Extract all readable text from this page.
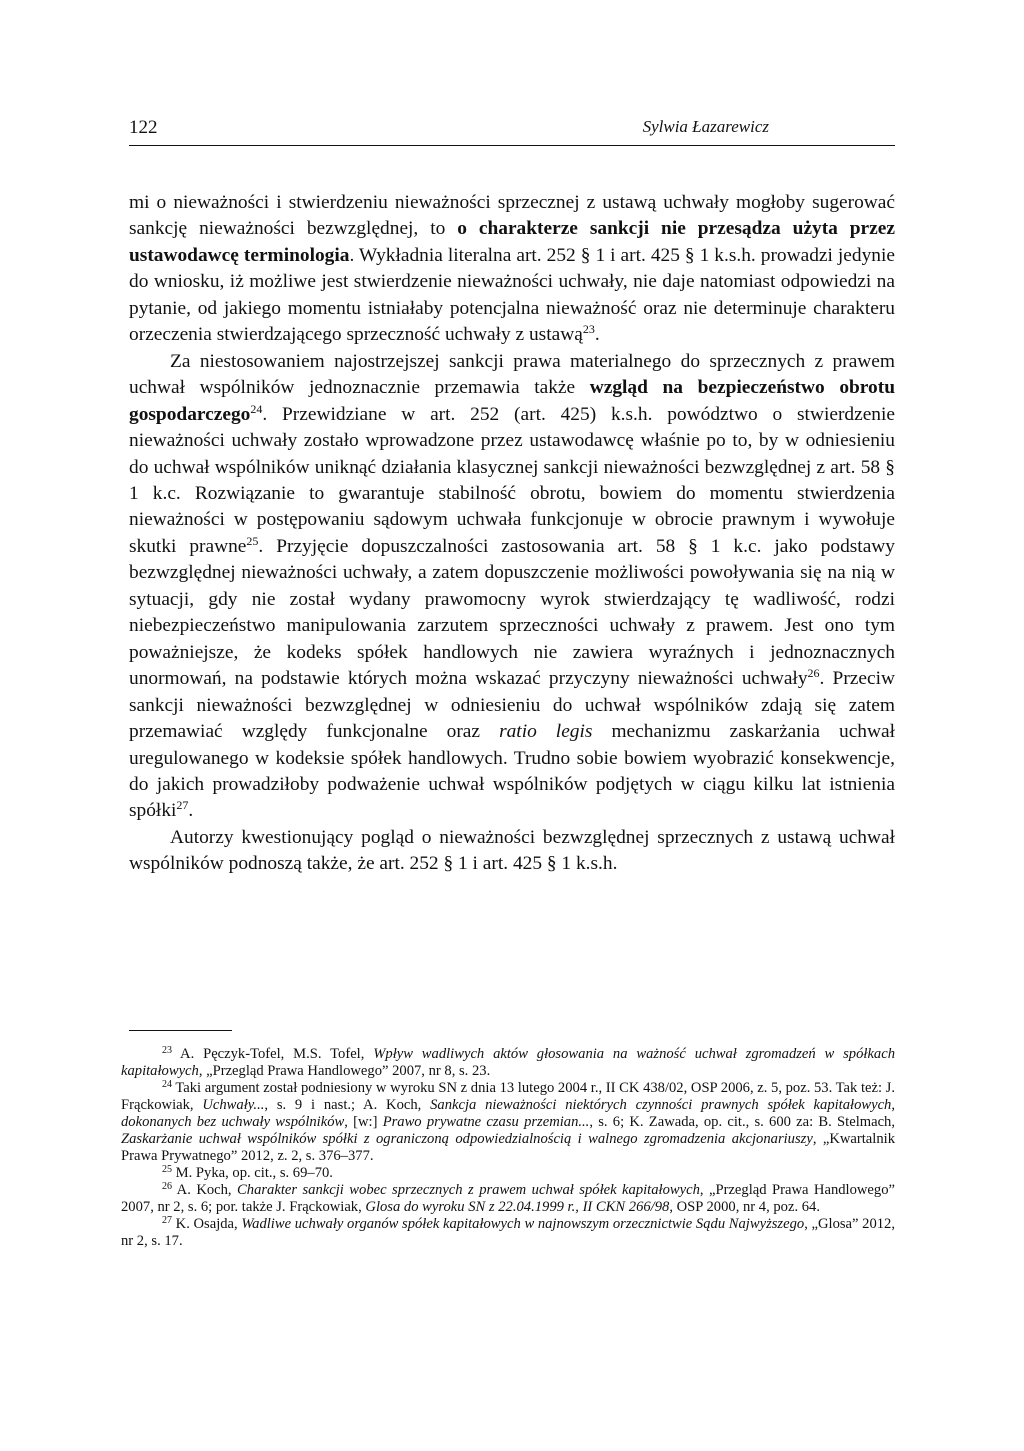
122	Sylwia Łazarewicz

mi o nieważności i stwierdzeniu nieważności sprzecznej z ustawą uchwały mogłoby sugerować sankcję nieważności bezwzględnej, to o charakterze sankcji nie przesądza użyta przez ustawodawcę terminologia. Wykładnia literalna art. 252 § 1 i art. 425 § 1 k.s.h. prowadzi jedynie do wniosku, iż możliwe jest stwierdzenie nieważności uchwały, nie daje natomiast odpowiedzi na pytanie, od jakiego momentu istniałaby potencjalna nieważność oraz nie determinuje charakteru orzeczenia stwierdzającego sprzeczność uchwały z ustawą$^{23}$.

Za niestosowaniem najostrzejszej sankcji prawa materialnego do sprzecznych z prawem uchwał wspólników jednoznacznie przemawia także wzgląd na bezpieczeństwo obrotu gospodarczego$^{24}$. Przewidziane w art. 252 (art. 425) k.s.h. powództwo o stwierdzenie nieważności uchwały zostało wprowadzone przez ustawodawcę właśnie po to, by w odniesieniu do uchwał wspólników uniknąć działania klasycznej sankcji nieważności bezwzględnej z art. 58 § 1 k.c. Rozwiązanie to gwarantuje stabilność obrotu, bowiem do momentu stwierdzenia nieważności w postępowaniu sądowym uchwała funkcjonuje w obrocie prawnym i wywołuje skutki prawne$^{25}$. Przyjęcie dopuszczalności zastosowania art. 58 § 1 k.c. jako podstawy bezwzględnej nieważności uchwały, a zatem dopuszczenie możliwości powoływania się na nią w sytuacji, gdy nie został wydany prawomocny wyrok stwierdzający tę wadliwość, rodzi niebezpieczeństwo manipulowania zarzutem sprzeczności uchwały z prawem. Jest ono tym poważniejsze, że kodeks spółek handlowych nie zawiera wyraźnych i jednoznacznych unormowań, na podstawie których można wskazać przyczyny nieważności uchwały$^{26}$. Przeciw sankcji nieważności bezwzględnej w odniesieniu do uchwał wspólników zdają się zatem przemawiać względy funkcjonalne oraz ratio legis mechanizmu zaskarżania uchwał uregulowanego w kodeksie spółek handlowych. Trudno sobie bowiem wyobrazić konsekwencje, do jakich prowadziłoby podważenie uchwał wspólników podjętych w ciągu kilku lat istnienia spółki$^{27}$.

Autorzy kwestionujący pogląd o nieważności bezwzględnej sprzecznych z ustawą uchwał wspólników podnoszą także, że art. 252 § 1 i art. 425 § 1 k.s.h.

$^{23}$ A. Pęczyk-Tofel, M.S. Tofel, Wpływ wadliwych aktów głosowania na ważność uchwał zgromadzeń w spółkach kapitałowych, „Przegląd Prawa Handlowego” 2007, nr 8, s. 23.

$^{24}$ Taki argument został podniesiony w wyroku SN z dnia 13 lutego 2004 r., II CK 438/02, OSP 2006, z. 5, poz. 53. Tak też: J. Frąckowiak, Uchwały..., s. 9 i nast.; A. Koch, Sankcja nieważności niektórych czynności prawnych spółek kapitałowych, dokonanych bez uchwały wspólników, [w:] Prawo prywatne czasu przemian..., s. 6; K. Zawada, op. cit., s. 600 za: B. Stelmach, Zaskarżanie uchwał wspólników spółki z ograniczoną odpowiedzialnością i walnego zgromadzenia akcjonariuszy, „Kwartalnik Prawa Prywatnego” 2012, z. 2, s. 376–377.

$^{25}$ M. Pyka, op. cit., s. 69–70.

$^{26}$ A. Koch, Charakter sankcji wobec sprzecznych z prawem uchwał spółek kapitałowych, „Przegląd Prawa Handlowego” 2007, nr 2, s. 6; por. także J. Frąckowiak, Glosa do wyroku SN z 22.04.1999 r., II CKN 266/98, OSP 2000, nr 4, poz. 64.

$^{27}$ K. Osajda, Wadliwe uchwały organów spółek kapitałowych w najnowszym orzecznictwie Sądu Najwyższego, „Glosa” 2012, nr 2, s. 17.
